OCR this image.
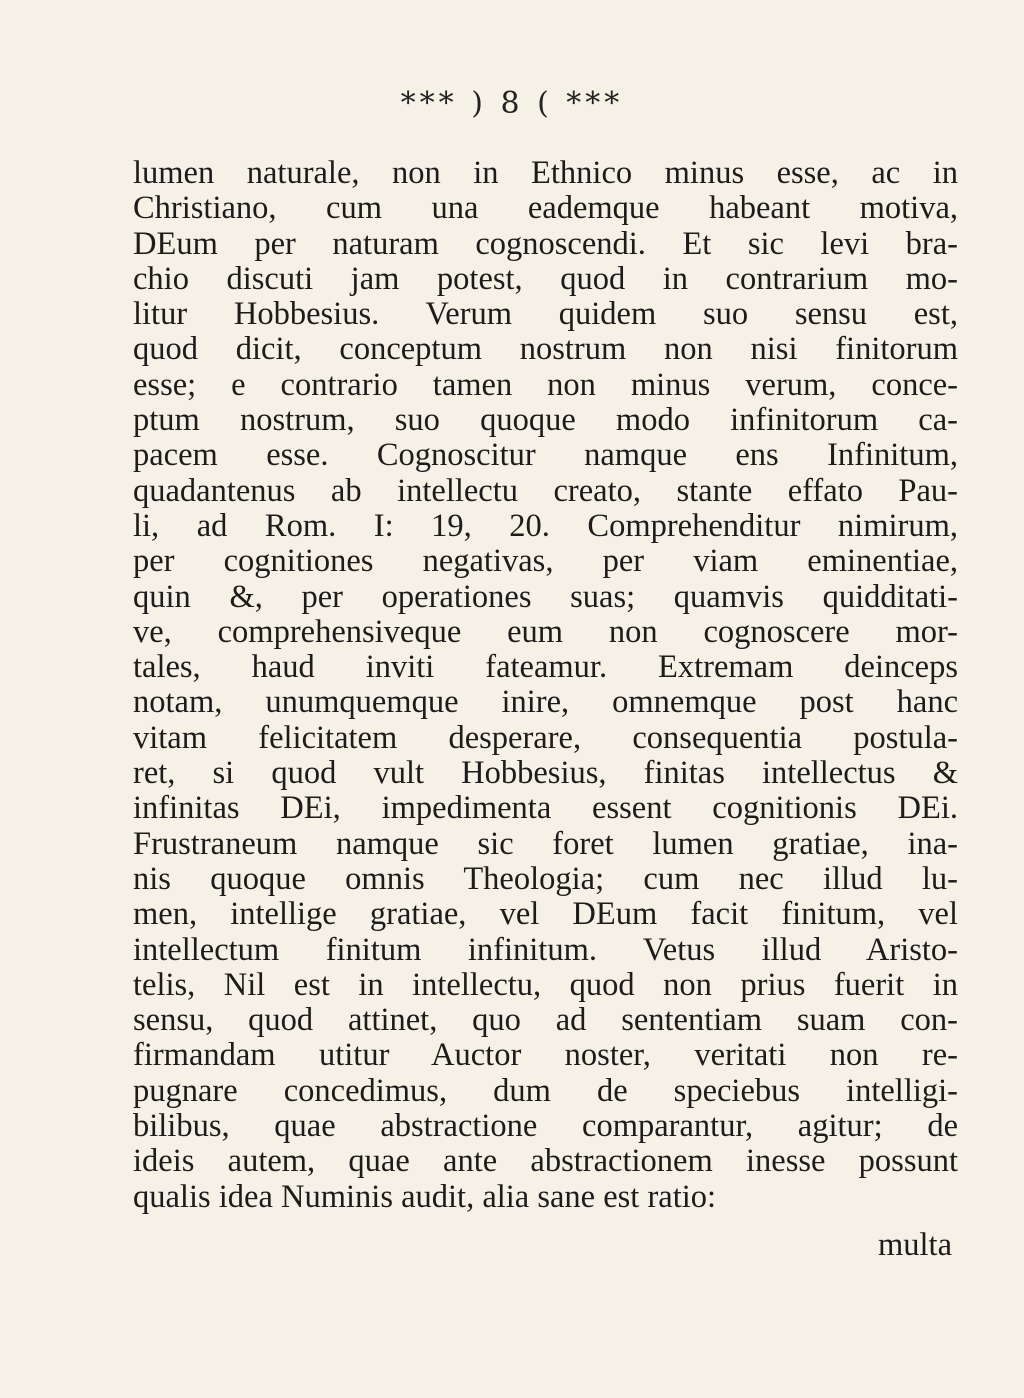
*** ) 8 ( ***
lumen naturale, non in Ethnico minus esse, ac in
Christiano, cum una eademque habeant motiva,
DEum per naturam cognoscendi. Et sic levi bra-
chio discuti jam potest, quod in contrarium mo-
litur Hobbesius. Verum quidem suo sensu est,
quod dicit, conceptum nostrum non nisi finitorum
esse; e contrario tamen non minus verum, conce-
ptum nostrum, suo quoque modo infinitorum ca-
pacem esse. Cognoscitur namque ens Infinitum,
quadantenus ab intellectu creato, stante effato Pau-
li, ad Rom. I: 19, 20. Comprehenditur nimirum,
per cognitiones negativas, per viam eminentiae,
quin &, per operationes suas; quamvis quidditati-
ve, comprehensiveque eum non cognoscere mor-
tales, haud inviti fateamur. Extremam deinceps
notam, unumquemque inire, omnemque post hanc
vitam felicitatem desperare, consequentia postula-
ret, si quod vult Hobbesius, finitas intellectus &
infinitas DEi, impedimenta essent cognitionis DEi.
Frustraneum namque sic foret lumen gratiae, ina-
nis quoque omnis Theologia; cum nec illud lu-
men, intellige gratiae, vel DEum facit finitum, vel
intellectum finitum infinitum. Vetus illud Aristo-
telis, Nil est in intellectu, quod non prius fuerit in
sensu, quod attinet, quo ad sententiam suam con-
firmandam utitur Auctor noster, veritati non re-
pugnare concedimus, dum de speciebus intelligi-
bilibus, quae abstractione comparantur, agitur; de
ideis autem, quae ante abstractionem inesse possunt
qualis idea Numinis audit, alia sane est ratio:
multa
